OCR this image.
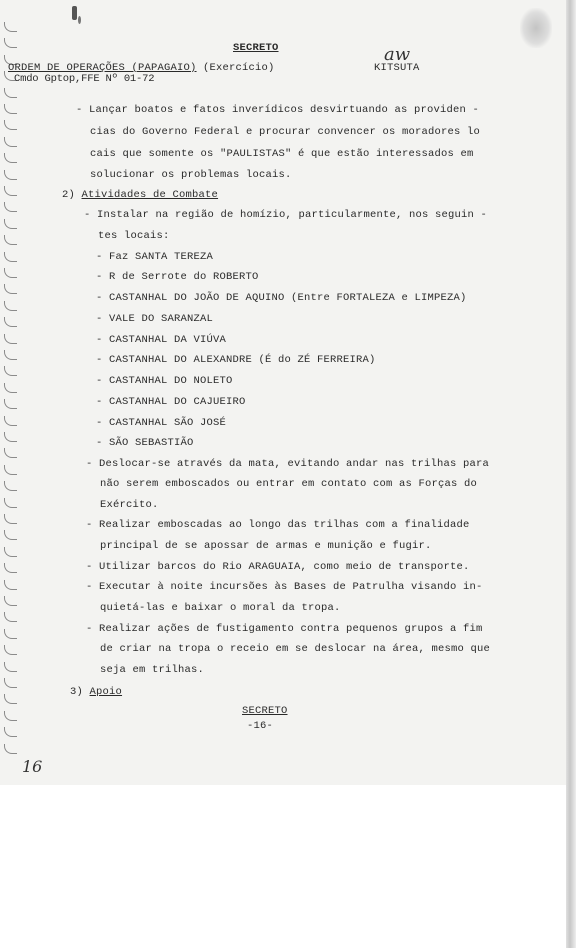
SECRETO
ORDEM DE OPERAÇÕES (PAPAGAIO) (Exercício)
Cmdo Gptop,FFE Nº 01-72
aw
KITSUTA
- Lançar boatos e fatos inverídicos desvirtuando as providen -
cias do Governo Federal e procurar convencer os moradores lo
cais que somente os "PAULISTAS" é que estão interessados em
solucionar os problemas locais.
2) Atividades de Combate
- Instalar na região de homízio, particularmente, nos seguin -
tes locais:
- Faz SANTA TEREZA
- R de Serrote do ROBERTO
- CASTANHAL DO JOÃO DE AQUINO (Entre FORTALEZA e LIMPEZA)
- VALE DO SARANZAL
- CASTANHAL DA VIÚVA
- CASTANHAL DO ALEXANDRE (É do ZÉ FERREIRA)
- CASTANHAL DO NOLETO
- CASTANHAL DO CAJUEIRO
- CASTANHAL SÃO JOSÉ
- SÃO SEBASTIÃO
- Deslocar-se através da mata, evitando andar nas trilhas para
não serem emboscados ou entrar em contato com as Forças do
Exército.
- Realizar emboscadas ao longo das trilhas com a finalidade
principal de se apossar de armas e munição e fugir.
- Utilizar barcos do Rio ARAGUAIA, como meio de transporte.
- Executar à noite incursões às Bases de Patrulha visando in-
quietá-las e baixar o moral da tropa.
- Realizar ações de fustigamento contra pequenos grupos a fim
de criar na tropa o receio em se deslocar na área, mesmo que
seja em trilhas.
3) Apoio
SECRETO
-16-
16
